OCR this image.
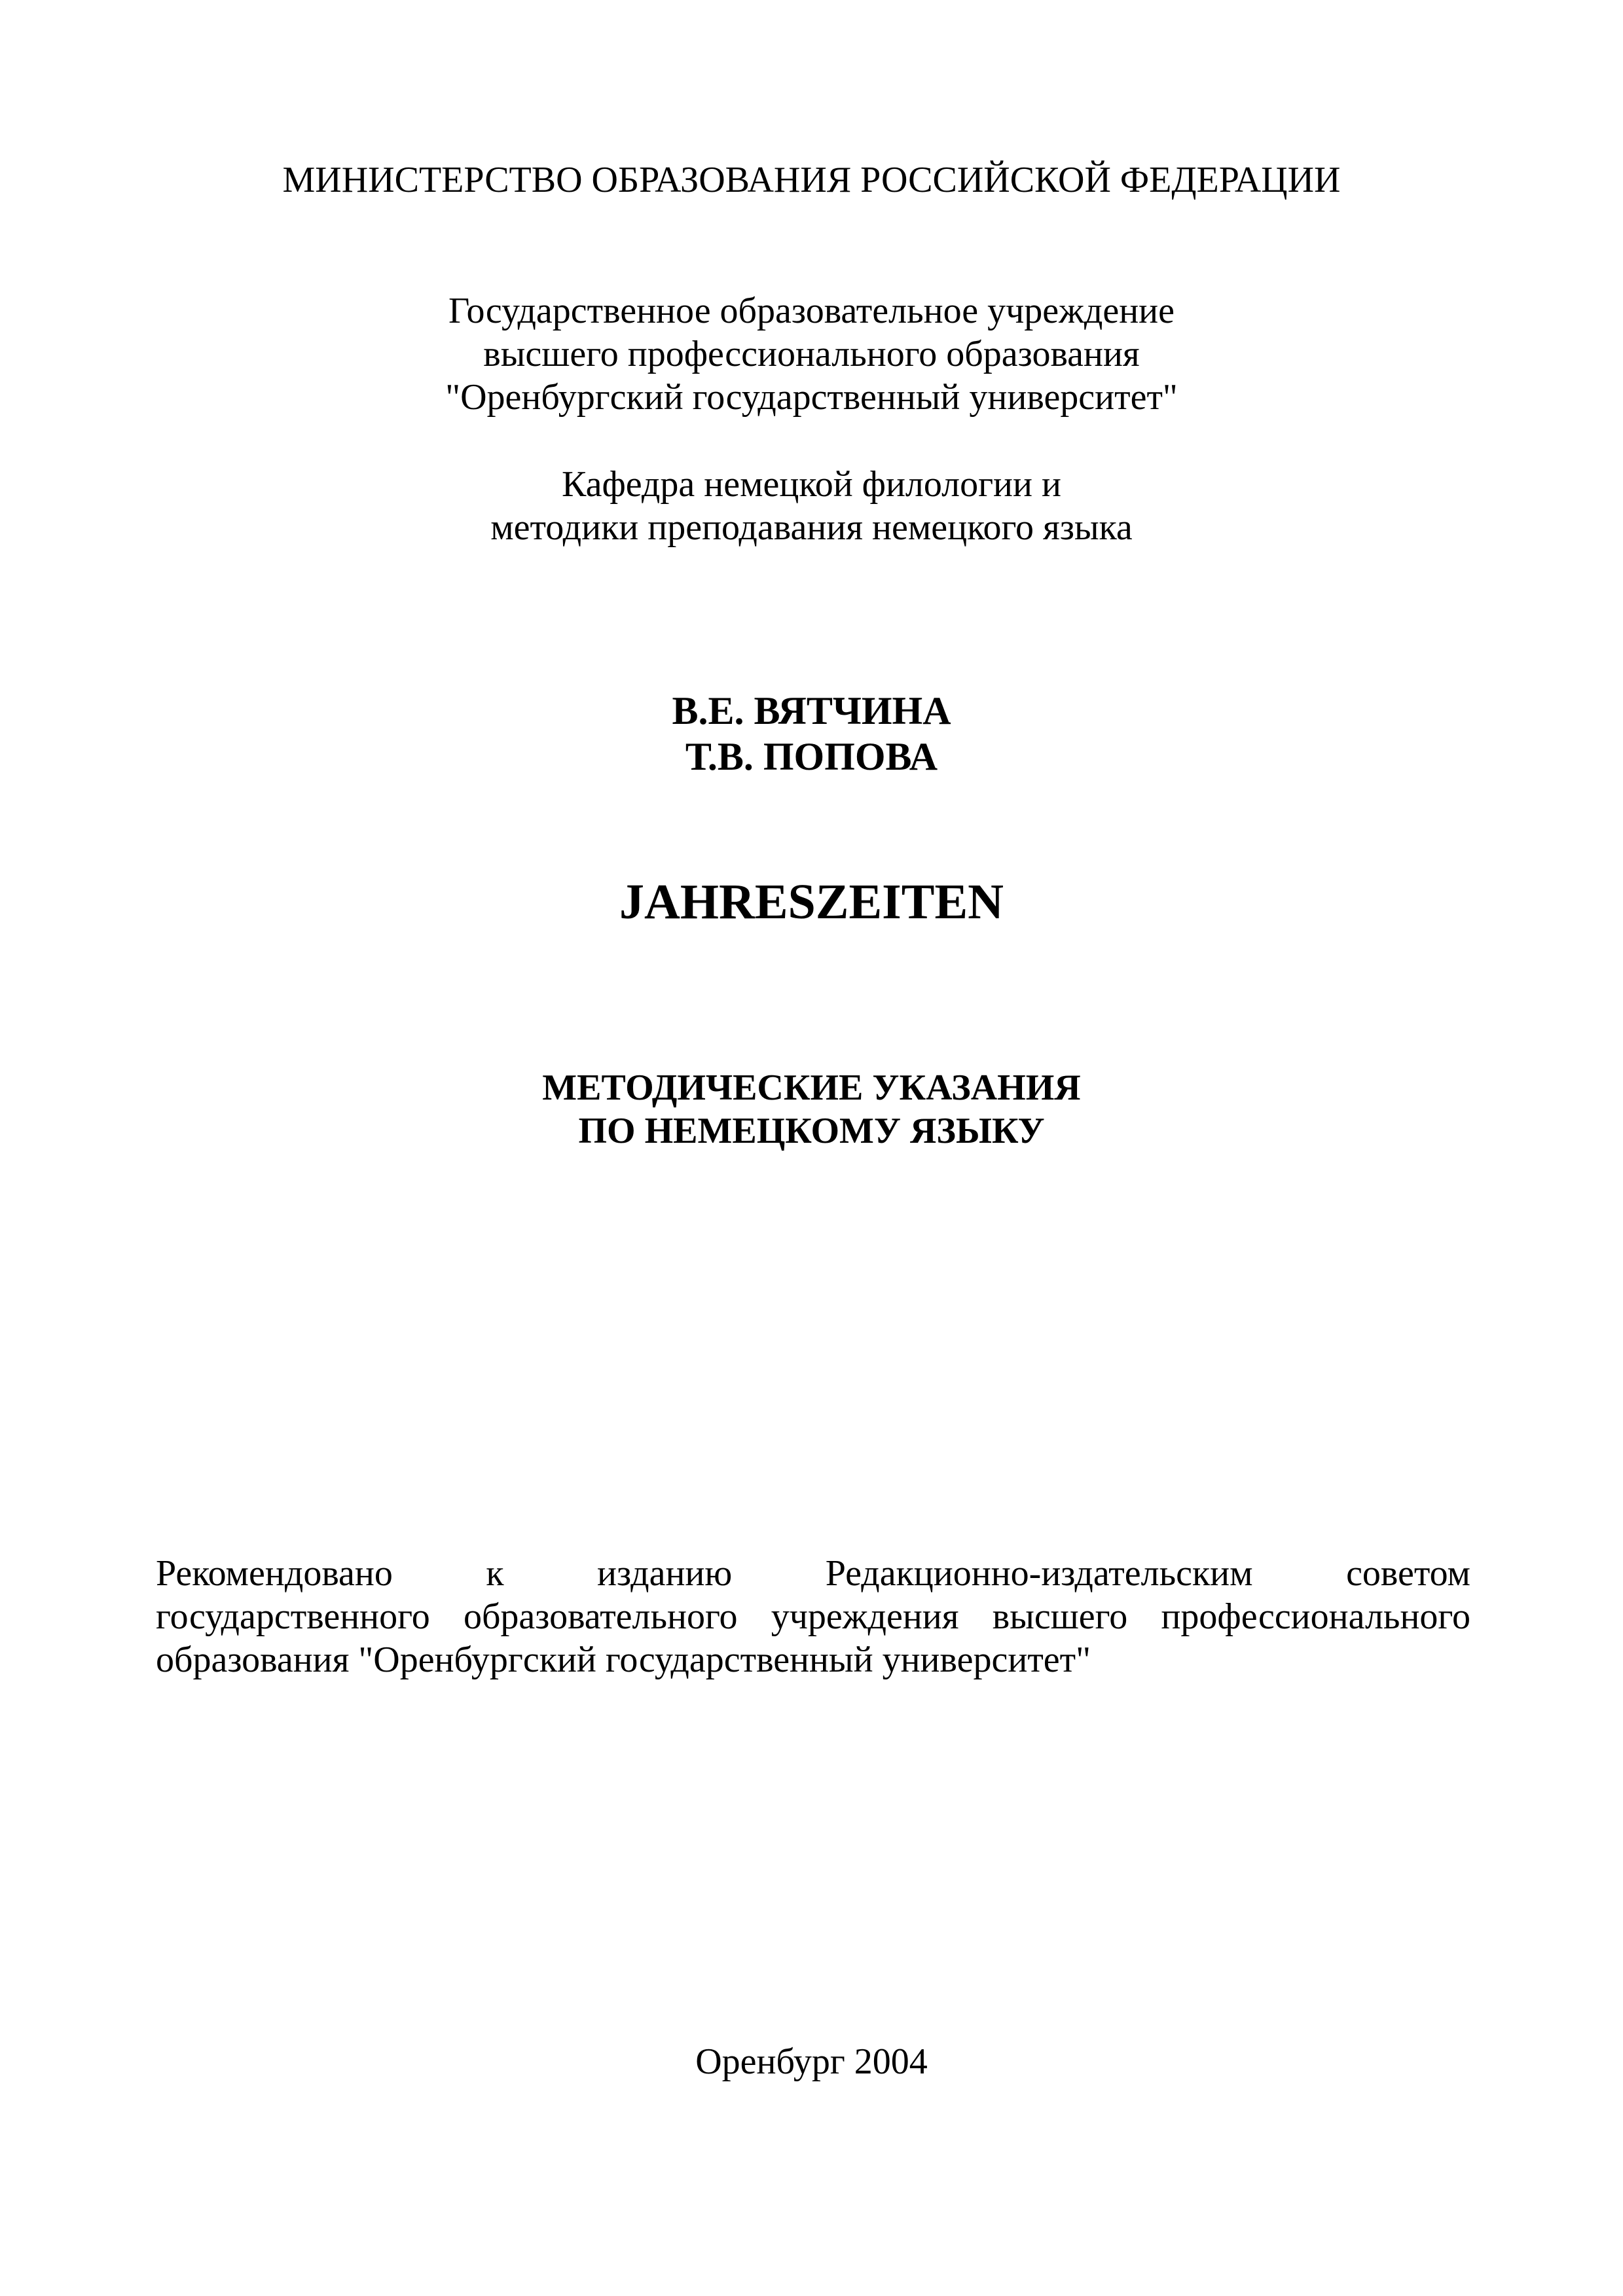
МИНИСТЕРСТВО ОБРАЗОВАНИЯ РОССИЙСКОЙ ФЕДЕРАЦИИ
Государственное образовательное учреждение
высшего профессионального образования
"Оренбургский государственный университет"
Кафедра немецкой филологии и
методики преподавания немецкого языка
В.Е. ВЯТЧИНА
Т.В. ПОПОВА
JAHRESZEITEN
МЕТОДИЧЕСКИЕ УКАЗАНИЯ
ПО НЕМЕЦКОМУ ЯЗЫКУ
Рекомендовано	к	изданию	Редакционно-издательским	советом
государственного образовательного учреждения высшего профессионального
образования "Оренбургский государственный университет"
Оренбург 2004
